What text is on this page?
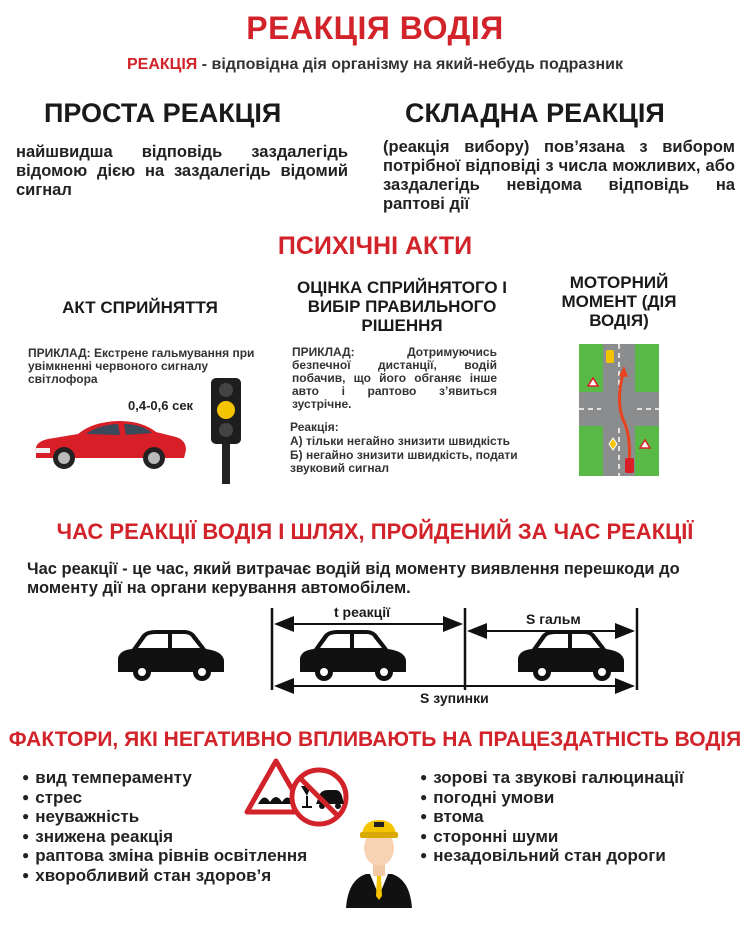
РЕАКЦІЯ ВОДІЯ
РЕАКЦІЯ - відповідна дія організму на який-небудь подразник
ПРОСТА РЕАКЦІЯ
найшвидша відповідь заздалегідь відомою дією на заздалегідь відомий сигнал
СКЛАДНА РЕАКЦІЯ
(реакція вибору) пов’язана з вибором потрібної відповіді з числа можливих, або заздалегідь невідома відповідь на раптові дії
ПСИХІЧНІ АКТИ
АКТ СПРИЙНЯТТЯ
ПРИКЛАД: Екстрене гальмування при увімкненні червоного сигналу світлофора
0,4-0,6 сек
ОЦІНКА СПРИЙНЯТОГО І ВИБІР ПРАВИЛЬНОГО РІШЕННЯ
ПРИКЛАД: Дотримуючись безпечної дистанції, водій побачив, що його обганяє інше авто і раптово з’явиться зустрічне.
Реакція:
А) тільки негайно знизити швидкість
Б) негайно знизити швидкість, подати звуковий сигнал
МОТОРНИЙ МОМЕНТ (ДІЯ ВОДІЯ)
ЧАС РЕАКЦІЇ ВОДІЯ І ШЛЯХ, ПРОЙДЕНИЙ ЗА ЧАС РЕАКЦІЇ
Час реакції - це час, який витрачає водій від моменту виявлення перешкоди до моменту дії на органи керування автомобілем.
t реакції	S гальм
S зупинки
ФАКТОРИ, ЯКІ НЕГАТИВНО ВПЛИВАЮТЬ НА ПРАЦЕЗДАТНІСТЬ ВОДІЯ
● вид темпераменту
● стрес
● неуважність
● знижена реакція
● раптова зміна рівнів освітлення
● хворобливий стан здоров’я
● зорові та звукові галюцинації
● погодні умови
● втома
● сторонні шуми
● незадовільний стан дороги
